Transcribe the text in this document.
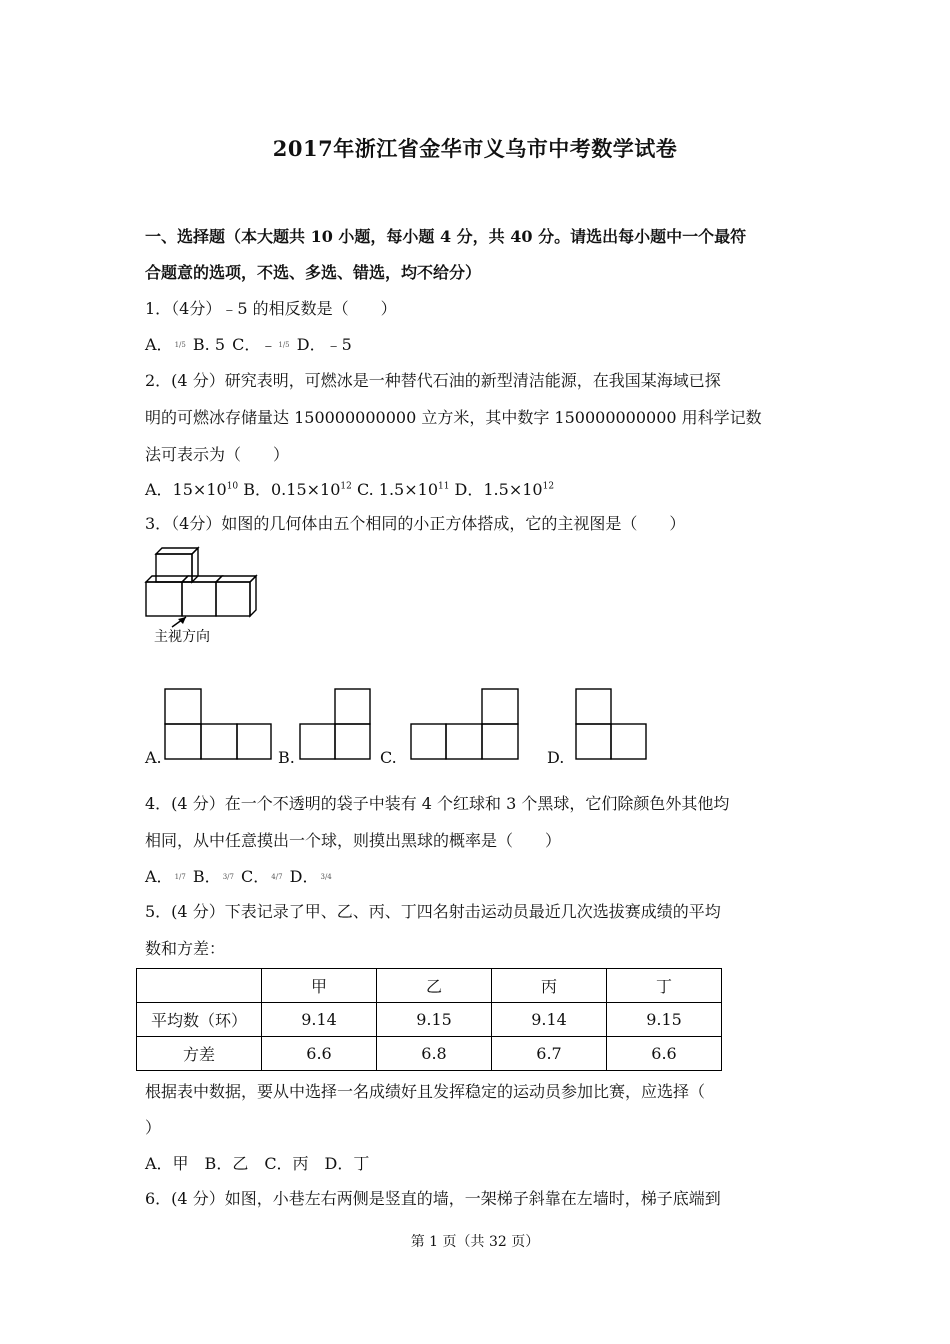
2017年浙江省金华市义乌市中考数学试卷
一、选择题（本大题共 10 小题，每小题 4 分，共 40 分。请选出每小题中一个最符
合题意的选项，不选、多选、错选，均不给分）
1．（4分）﹣5 的相反数是（　　）
A． 1/5 B. 5 C．﹣ 1/5 D．﹣5
2．(4 分）研究表明，可燃冰是一种替代石油的新型清洁能源，在我国某海域已探
明的可燃冰存储量达 150000000000 立方米，其中数字 150000000000 用科学记数
法可表示为（　　）
A．$15\times 10^{10}$ B．$0.15\times 10^{12}$ C. $1.5\times 10^{11}$ D．$1.5\times 10^{12}$
3．（4分）如图的几何体由五个相同的小正方体搭成，它的主视图是（　　）
主视方向
A.	B.	C.	D.
4．(4 分）在一个不透明的袋子中装有 4 个红球和 3 个黑球，它们除颜色外其他均
相同，从中任意摸出一个球，则摸出黑球的概率是（　　）
A． 1/7 B． 3/7 C． 4/7 D． 3/4
5．(4 分）下表记录了甲、乙、丙、丁四名射击运动员最近几次选拔赛成绩的平均
数和方差：
	甲	乙	丙	丁
平均数（环）	9.14	9.15	9.14	9.15
方差	6.6	6.8	6.7	6.6
根据表中数据，要从中选择一名成绩好且发挥稳定的运动员参加比赛，应选择（
）
A．甲　B．乙　C．丙　D．丁
6．(4 分）如图，小巷左右两侧是竖直的墙，一架梯子斜靠在左墙时，梯子底端到
第 1 页（共 32 页）
